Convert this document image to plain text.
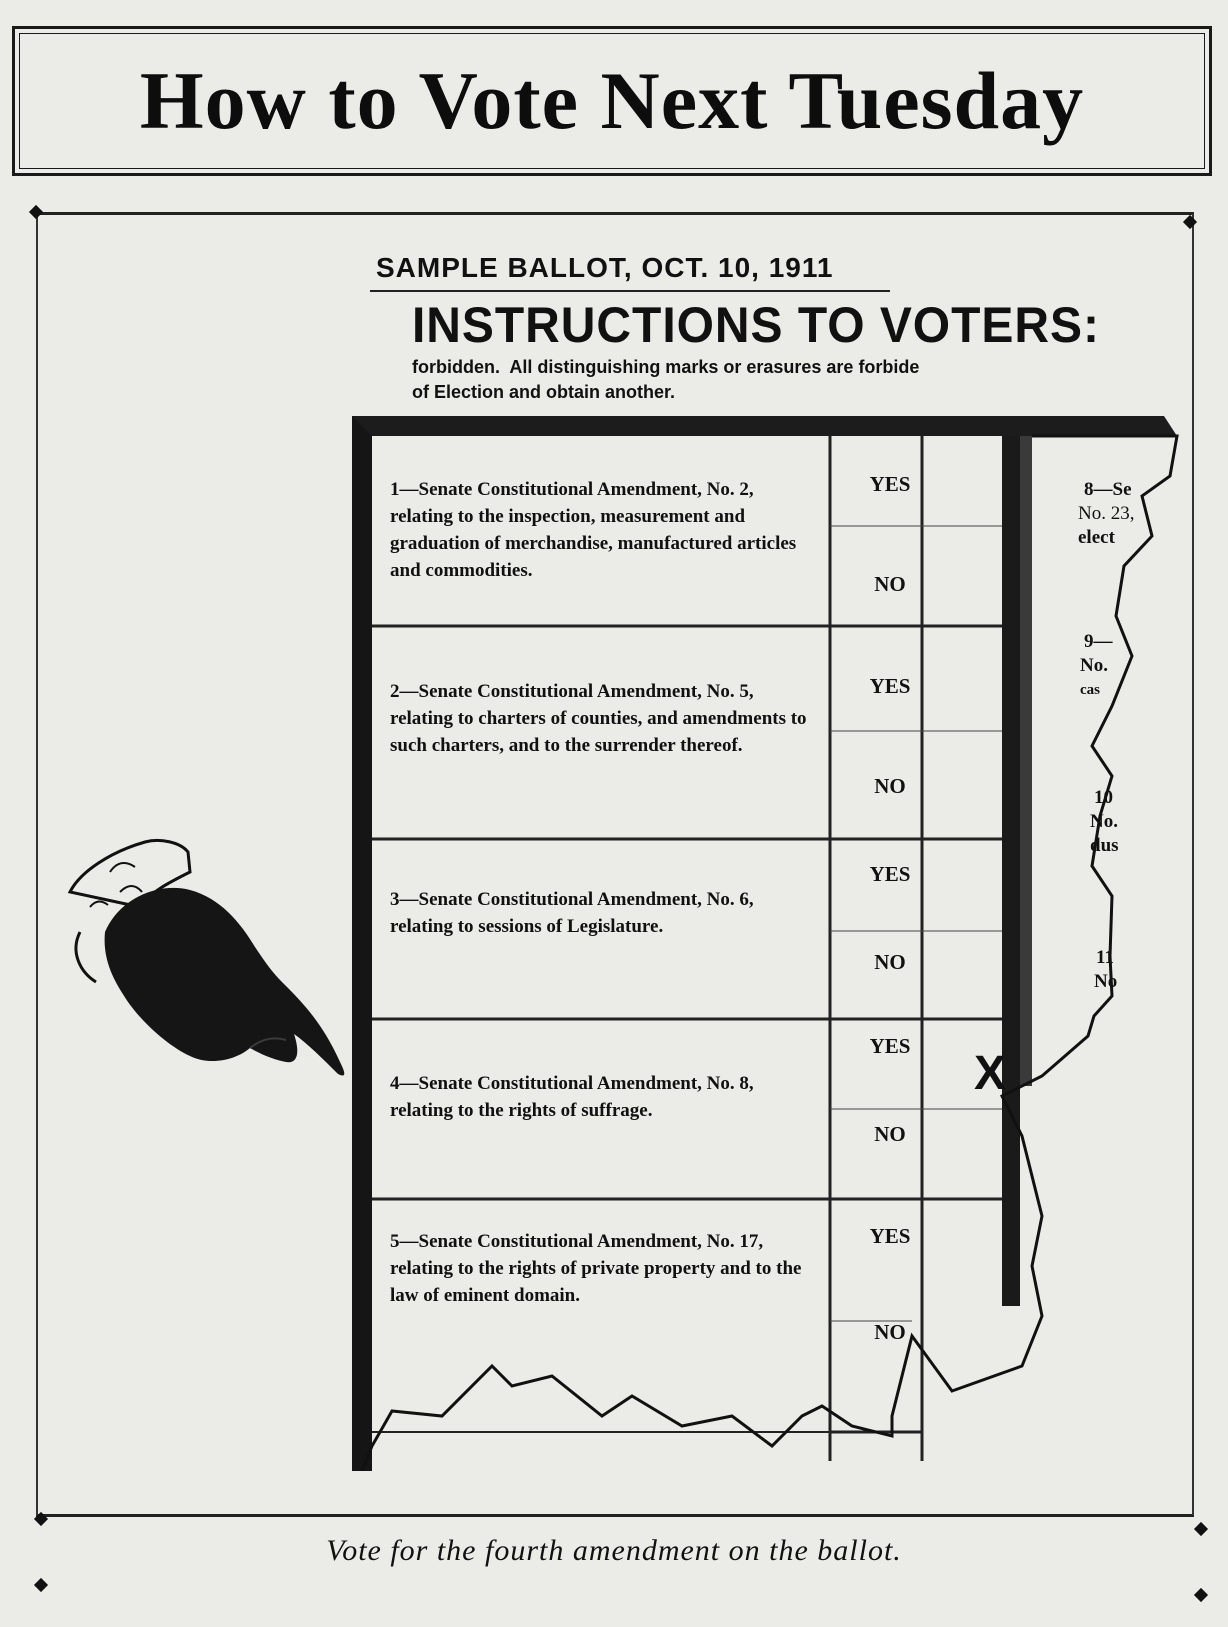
How to Vote Next Tuesday
SAMPLE BALLOT, OCT. 10, 1911
INSTRUCTIONS TO VOTERS:
forbidden.  All distinguishing marks or erasures are forbide
of Election and obtain another.
1—Senate Constitutional Amendment, No. 2, relating to the inspection, measurement and graduation of merchandise, manufactured articles and commodities.
YES
NO
2—Senate Constitutional Amendment, No. 5, relating to charters of counties, and amendments to such charters, and to the surrender thereof.
YES
NO
3—Senate Constitutional Amendment, No. 6, relating to sessions of Legislature.
YES
NO
4—Senate Constitutional Amendment, No. 8, relating to the rights of suffrage.
YES
NO
X
5—Senate Constitutional Amendment, No. 17, relating to the rights of private property and to the law of eminent domain.
YES
NO
8—Se
No. 23,
elect
9—
No.
cas
10
No.
dus
11
No
Vote for the fourth amendment on the ballot.
